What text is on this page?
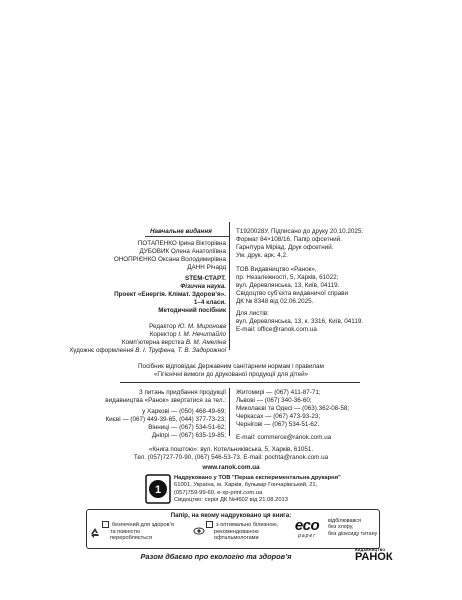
Навчальне видання
ПОТАПЕНКО Ірина Вікторівна
ДУБОВИК Олена Анатоліївна
ОНОПРІЄНКО Оксана Володимирівна
ДАНН Річард
STEM-СТАРТ.
Фізична наука.
Проект «Енергія. Клімат. Здоров’я».
1–4 класи.
Методичний посібник
Редактор Ю. М. Миронова
Коректор І. М. Нечитайло
Комп’ютерна верстка В. М. Амеліна
Художнє оформлення В. І. Труфена, Т. В. Задорожної
Т1920028У. Підписано до друку 20.10.2025.
Формат 84×108/16. Папір офсетний.
Гарнітура Міріад. Друк офсетний.
Ум. друк. арк. 4,2.
ТОВ Видавництво «Ранок»,
пр. Незалежності, 5, Харків, 61022;
вул. Деревлянська, 13, Київ, 04119.
Свідоцтво суб’єкта видавничої справи
ДК № 8348 від 02.06.2025.
Для листів:
вул. Деревлянська, 13, к. 3316, Київ, 04119.
E-mail: office@ranok.com.ua
Посібник відповідає Державним санітарним нормам і правилам
«Гігієнічні вимоги до друкованої продукції для дітей»
З питань придбання продукції
видавництва «Ранок» звертатися за тел.:
у Харкові — (050) 468-49-69;
Києві — (067) 449-39-65, (044) 377-73-23;
Вінниці — (067) 534-51-62;
Дніпрі — (067) 635-19-85;
Житомирі — (067) 411-87-71;
Львові — (067) 340-36-60;
Миколаєві та Одесі — (063) 362-08-58;
Черкасах — (067) 473-93-23;
Чернігові — (067) 534-51-62.
E-mail: commerce@ranok.com.ua
«Книга поштою»: вул. Котельниківська, 5, Харків, 61051.
Тел. (057)727-70-90, (067) 546-53-73. E-mail: pochta@ranok.com.ua
www.ranok.com.ua
1
Надруковано у ТОВ "Перша експериментальна друкарня"
61001, Україна, м. Харків, бульвар Гончарівський, 21,
(057)759-99-60, e-xp-print.com.ua
Свідоцтво: серія ДК №4602 від 21.08.2013
Папір, на якому надруковано ця книга:
безпечний для здоров’я
та повністю
переробляється
з оптимально білизною,
рекомендованою
офтальмологами
eco
paper
відбілювався
без хлору,
без діоксиду титану
Разом дбаємо про екологію та здоров’я
ВИДАВНИЦТВО
РАНОК
